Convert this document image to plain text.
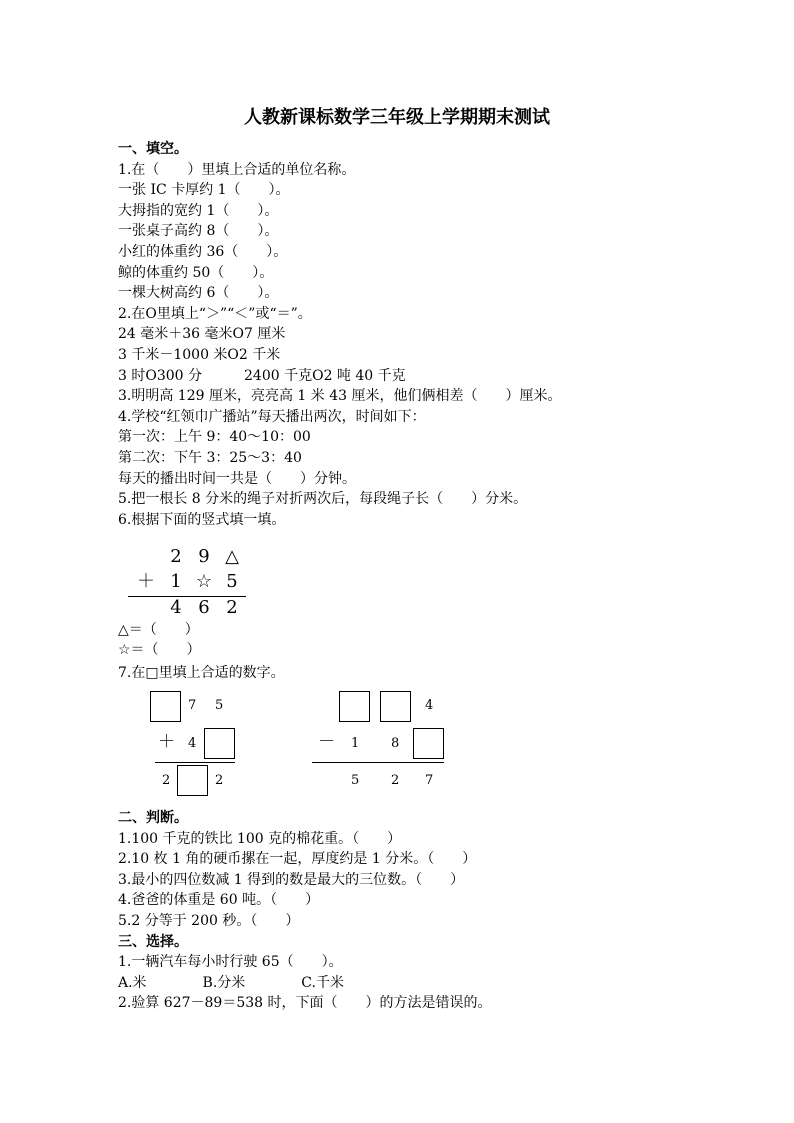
人教新课标数学三年级上学期期末测试
一、填空。
1.在（　　）里填上合适的单位名称。
一张 IC 卡厚约 1（　　）。
大拇指的宽约 1（　　）。
一张桌子高约 8（　　）。
小红的体重约 36（　　）。
鲸的体重约 50（　　）。
一棵大树高约 6（　　）。
2.在O里填上“＞”“＜”或“＝”。
24 毫米＋36 毫米O7 厘米
3 千米－1000 米O2 千米
3 时O300 分　　　2400 千克O2 吨 40 千克
3.明明高 129 厘米，亮亮高 1 米 43 厘米，他们俩相差（　　）厘米。
4.学校“红领巾广播站”每天播出两次，时间如下：
第一次：上午 9：40～10：00
第二次：下午 3：25～3：40
每天的播出时间一共是（　　）分钟。
5.把一根长 8 分米的绳子对折两次后，每段绳子长（　　）分米。
6.根据下面的竖式填一填。
2 9 △
＋ 1 ☆ 5
4 6 2
△＝（　　）
☆＝（　　）
7.在□里填上合适的数字。
7 5
＋ 4
2	2
4
－ 1 8
5 2 7
二、判断。
1.100 千克的铁比 100 克的棉花重。（　　）
2.10 枚 1 角的硬币摞在一起，厚度约是 1 分米。（　　）
3.最小的四位数减 1 得到的数是最大的三位数。（　　）
4.爸爸的体重是 60 吨。（　　）
5.2 分等于 200 秒。（　　）
三、选择。
1.一辆汽车每小时行驶 65（　　）。
A.米　　　　B.分米　　　　C.千米
2.验算 627－89＝538 时，下面（　　）的方法是错误的。
